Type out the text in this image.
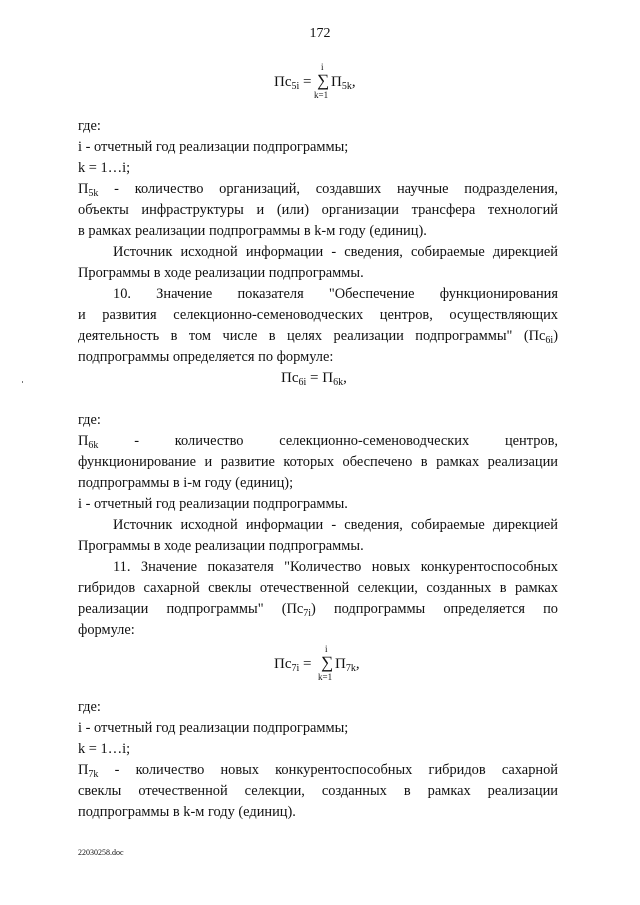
172
$Пс_{5i}$ =
i
∑
k=1
$П_{5k}$,

где:

i - отчетный год реализации подпрограммы;

k = 1…i;

$П_{5k}$ - количество организаций, создавших научные подразделения,

объекты инфраструктуры и (или) организации трансфера технологий

в рамках реализации подпрограммы в k-м году (единиц).

Источник исходной информации - сведения, собираемые дирекцией

Программы в ходе реализации подпрограммы.

10. Значение показателя "Обеспечение функционирования

и развития селекционно-семеноводческих центров, осуществляющих

деятельность в том числе в целях реализации подпрограммы" $(Пс_{6i})$

подпрограммы определяется по формуле:

$Пс_{6i} = П_{6k}$,

где:

$П_{6k}$ - количество селекционно-семеноводческих центров,

функционирование и развитие которых обеспечено в рамках реализации

подпрограммы в i-м году (единиц);

i - отчетный год реализации подпрограммы.

Источник исходной информации - сведения, собираемые дирекцией

Программы в ходе реализации подпрограммы.

11. Значение показателя "Количество новых конкурентоспособных

гибридов сахарной свеклы отечественной селекции, созданных в рамках

реализации подпрограммы" $(Пс_{7i})$ подпрограммы определяется по

формуле:

$Пс_{7i}$ =
i
∑
k=1
$П_{7k}$,

где:

i - отчетный год реализации подпрограммы;

k = 1…i;

$П_{7k}$ - количество новых конкурентоспособных гибридов сахарной

свеклы отечественной селекции, созданных в рамках реализации

подпрограммы в k-м году (единиц).

22030258.doc
